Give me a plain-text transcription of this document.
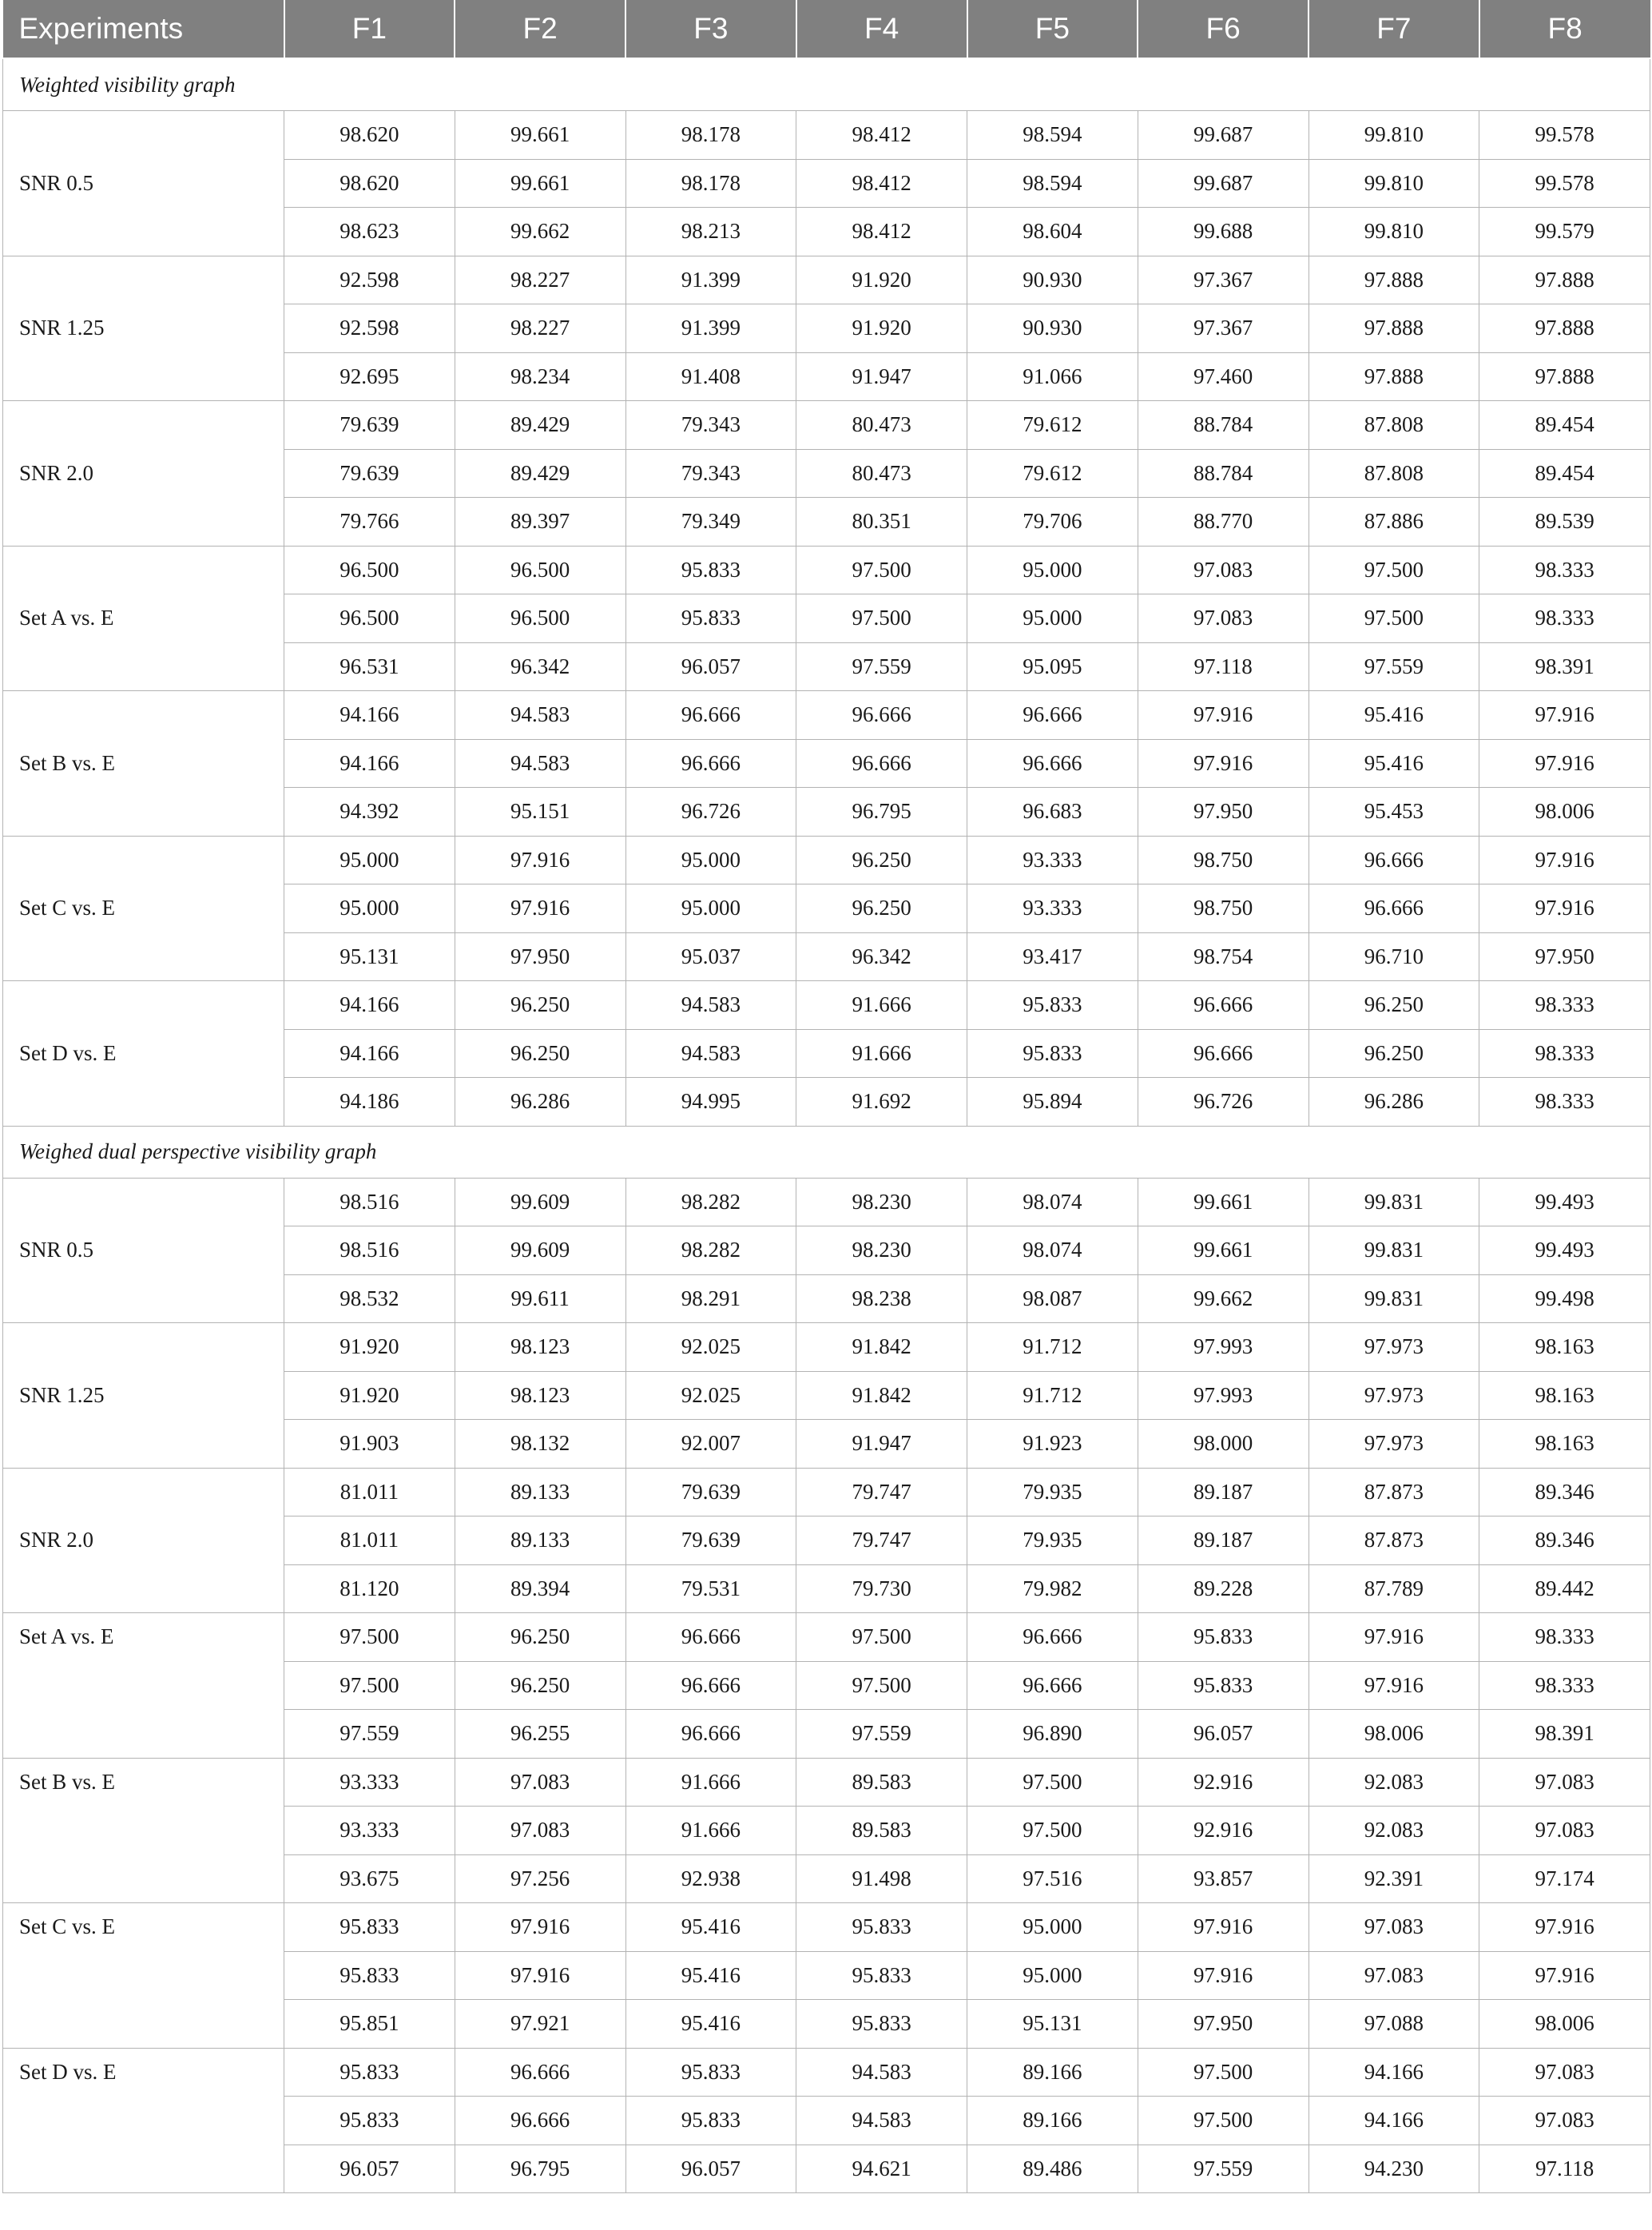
Experiments	F1	F2	F3	F4	F5	F6	F7	F8
Weighted visibility graph								
SNR 0.5	98.620	99.661	98.178	98.412	98.594	99.687	99.810	99.578
	98.620	99.661	98.178	98.412	98.594	99.687	99.810	99.578
	98.623	99.662	98.213	98.412	98.604	99.688	99.810	99.579
SNR 1.25	92.598	98.227	91.399	91.920	90.930	97.367	97.888	97.888
	92.598	98.227	91.399	91.920	90.930	97.367	97.888	97.888
	92.695	98.234	91.408	91.947	91.066	97.460	97.888	97.888
SNR 2.0	79.639	89.429	79.343	80.473	79.612	88.784	87.808	89.454
	79.639	89.429	79.343	80.473	79.612	88.784	87.808	89.454
	79.766	89.397	79.349	80.351	79.706	88.770	87.886	89.539
Set A vs. E	96.500	96.500	95.833	97.500	95.000	97.083	97.500	98.333
	96.500	96.500	95.833	97.500	95.000	97.083	97.500	98.333
	96.531	96.342	96.057	97.559	95.095	97.118	97.559	98.391
Set B vs. E	94.166	94.583	96.666	96.666	96.666	97.916	95.416	97.916
	94.166	94.583	96.666	96.666	96.666	97.916	95.416	97.916
	94.392	95.151	96.726	96.795	96.683	97.950	95.453	98.006
Set C vs. E	95.000	97.916	95.000	96.250	93.333	98.750	96.666	97.916
	95.000	97.916	95.000	96.250	93.333	98.750	96.666	97.916
	95.131	97.950	95.037	96.342	93.417	98.754	96.710	97.950
Set D vs. E	94.166	96.250	94.583	91.666	95.833	96.666	96.250	98.333
	94.166	96.250	94.583	91.666	95.833	96.666	96.250	98.333
	94.186	96.286	94.995	91.692	95.894	96.726	96.286	98.333
Weighed dual perspective visibility graph								
SNR 0.5	98.516	99.609	98.282	98.230	98.074	99.661	99.831	99.493
	98.516	99.609	98.282	98.230	98.074	99.661	99.831	99.493
	98.532	99.611	98.291	98.238	98.087	99.662	99.831	99.498
SNR 1.25	91.920	98.123	92.025	91.842	91.712	97.993	97.973	98.163
	91.920	98.123	92.025	91.842	91.712	97.993	97.973	98.163
	91.903	98.132	92.007	91.947	91.923	98.000	97.973	98.163
SNR 2.0	81.011	89.133	79.639	79.747	79.935	89.187	87.873	89.346
	81.011	89.133	79.639	79.747	79.935	89.187	87.873	89.346
	81.120	89.394	79.531	79.730	79.982	89.228	87.789	89.442
Set A vs. E	97.500	96.250	96.666	97.500	96.666	95.833	97.916	98.333
	97.500	96.250	96.666	97.500	96.666	95.833	97.916	98.333
	97.559	96.255	96.666	97.559	96.890	96.057	98.006	98.391
Set B vs. E	93.333	97.083	91.666	89.583	97.500	92.916	92.083	97.083
	93.333	97.083	91.666	89.583	97.500	92.916	92.083	97.083
	93.675	97.256	92.938	91.498	97.516	93.857	92.391	97.174
Set C vs. E	95.833	97.916	95.416	95.833	95.000	97.916	97.083	97.916
	95.833	97.916	95.416	95.833	95.000	97.916	97.083	97.916
	95.851	97.921	95.416	95.833	95.131	97.950	97.088	98.006
Set D vs. E	95.833	96.666	95.833	94.583	89.166	97.500	94.166	97.083
	95.833	96.666	95.833	94.583	89.166	97.500	94.166	97.083
	96.057	96.795	96.057	94.621	89.486	97.559	94.230	97.118
